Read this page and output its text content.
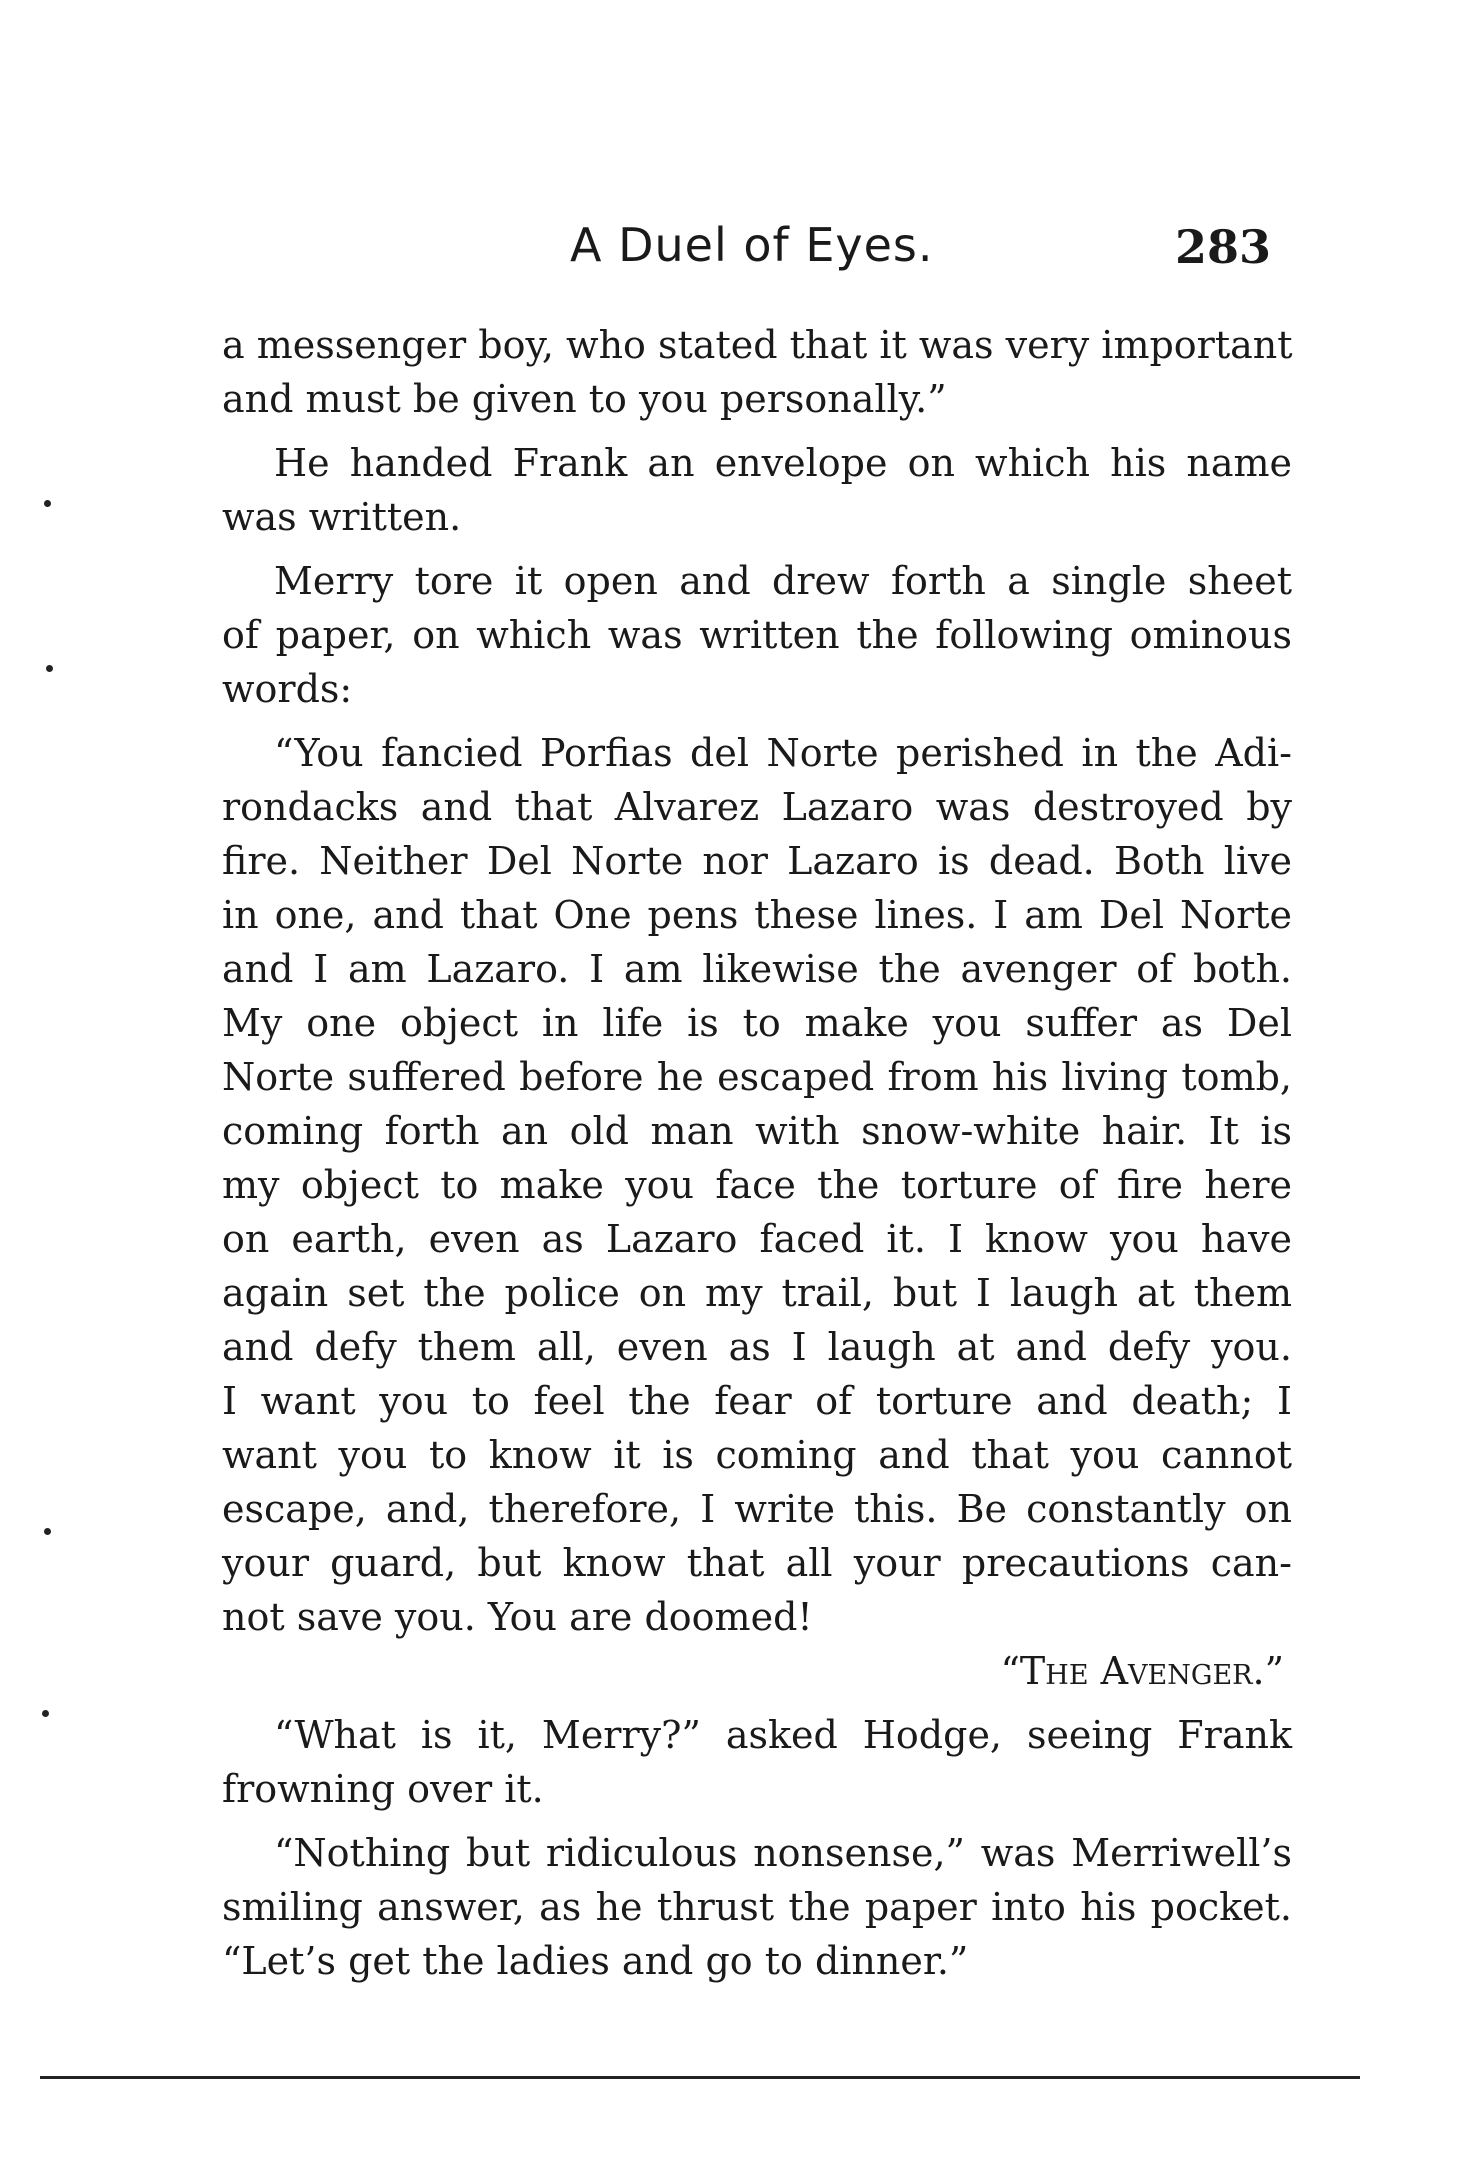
A Duel of Eyes.	283
a messenger boy, who stated that it was very important
and must be given to you personally.”
He handed Frank an envelope on which his name
was written.
Merry tore it open and drew forth a single sheet
of paper, on which was written the following ominous
words:
“You fancied Porfias del Norte perished in the Adi-
rondacks and that Alvarez Lazaro was destroyed by
fire. Neither Del Norte nor Lazaro is dead. Both live
in one, and that One pens these lines. I am Del Norte
and I am Lazaro. I am likewise the avenger of both.
My one object in life is to make you suffer as Del
Norte suffered before he escaped from his living tomb,
coming forth an old man with snow-white hair. It is
my object to make you face the torture of fire here
on earth, even as Lazaro faced it. I know you have
again set the police on my trail, but I laugh at them
and defy them all, even as I laugh at and defy you.
I want you to feel the fear of torture and death; I
want you to know it is coming and that you cannot
escape, and, therefore, I write this. Be constantly on
your guard, but know that all your precautions can-
not save you. You are doomed!
“The Avenger.”
“What is it, Merry?” asked Hodge, seeing Frank
frowning over it.
“Nothing but ridiculous nonsense,” was Merriwell’s
smiling answer, as he thrust the paper into his pocket.
“Let’s get the ladies and go to dinner.”
